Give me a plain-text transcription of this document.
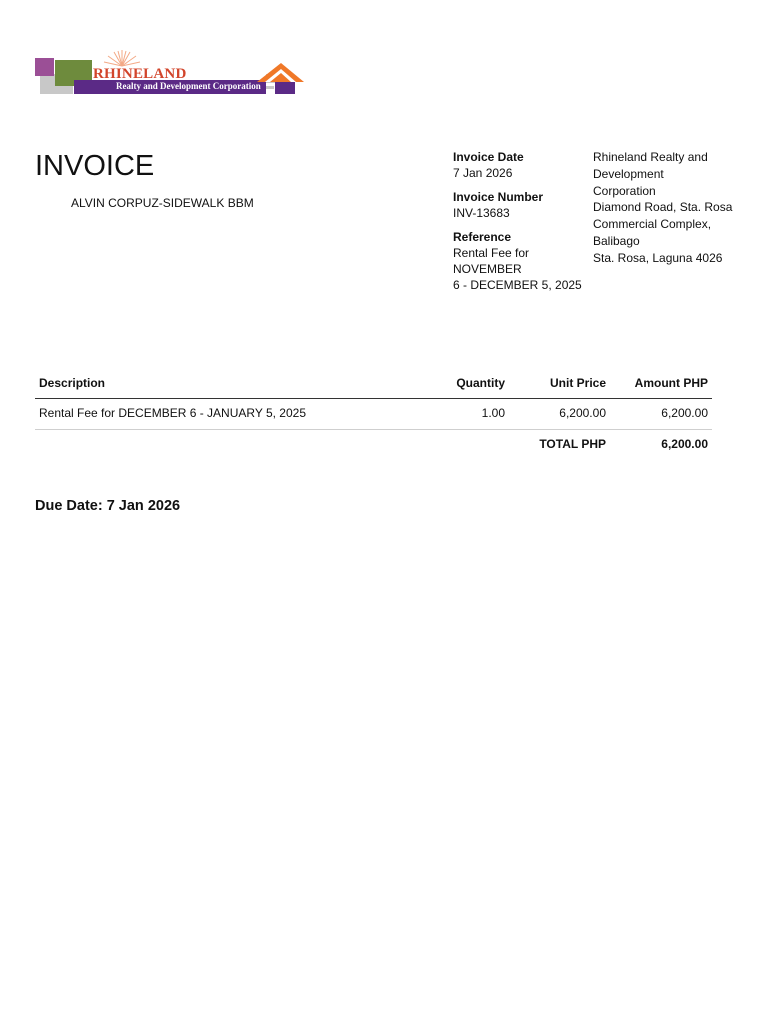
RHINELAND
Realty and Development Corporation
INVOICE
ALVIN CORPUZ-SIDEWALK BBM
Invoice Date
7 Jan 2026
Invoice Number
INV-13683
Reference
Rental Fee for NOVEMBER
6 - DECEMBER 5, 2025
Rhineland Realty and
Development
Corporation
Diamond Road, Sta. Rosa
Commercial Complex,
Balibago
Sta. Rosa, Laguna 4026
Description	Quantity	Unit Price	Amount PHP
Rental Fee for DECEMBER 6 - JANUARY 5, 2025	1.00	6,200.00	6,200.00
		TOTAL PHP	6,200.00
Due Date: 7 Jan 2026
